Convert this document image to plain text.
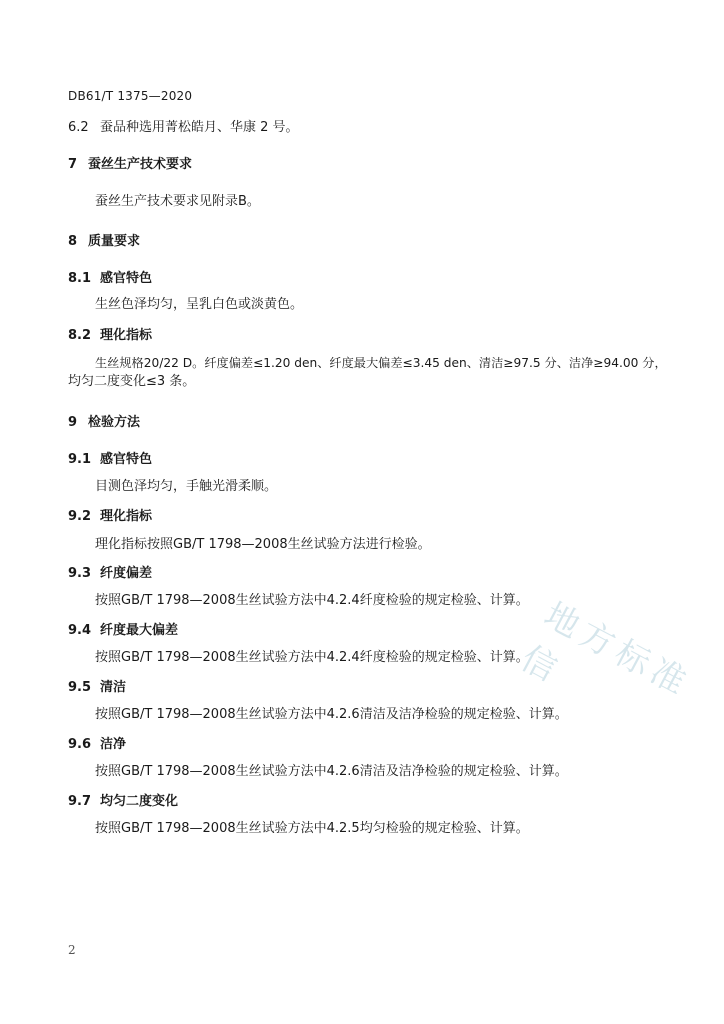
地方标准信
DB61/T 1375—2020
6.2 蚕品种选用菁松皓月、华康 2 号。
7 蚕丝生产技术要求
蚕丝生产技术要求见附录B。
8 质量要求
8.1 感官特色
生丝色泽均匀，呈乳白色或淡黄色。
8.2 理化指标
生丝规格20/22 D。纤度偏差≤1.20 den、纤度最大偏差≤3.45 den、清洁≥97.5 分、洁净≥94.00 分，
均匀二度变化≤3 条。
9 检验方法
9.1 感官特色
目测色泽均匀，手触光滑柔顺。
9.2 理化指标
理化指标按照GB/T 1798—2008生丝试验方法进行检验。
9.3 纤度偏差
按照GB/T 1798—2008生丝试验方法中4.2.4纤度检验的规定检验、计算。
9.4 纤度最大偏差
按照GB/T 1798—2008生丝试验方法中4.2.4纤度检验的规定检验、计算。
9.5 清洁
按照GB/T 1798—2008生丝试验方法中4.2.6清洁及洁净检验的规定检验、计算。
9.6 洁净
按照GB/T 1798—2008生丝试验方法中4.2.6清洁及洁净检验的规定检验、计算。
9.7 均匀二度变化
按照GB/T 1798—2008生丝试验方法中4.2.5均匀检验的规定检验、计算。
2
